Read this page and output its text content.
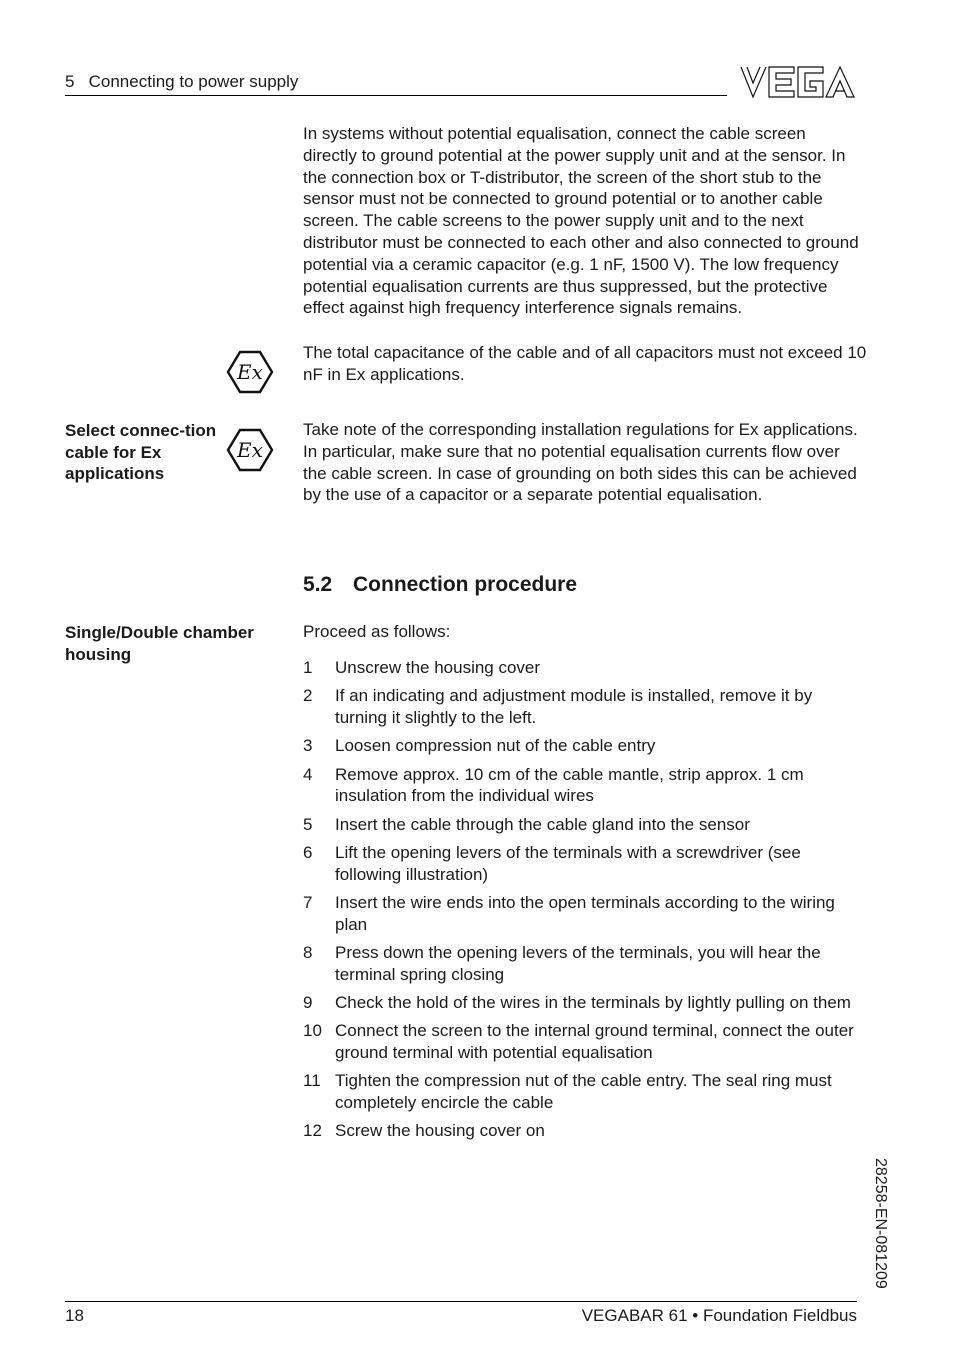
5   Connecting to power supply
In systems without potential equalisation, connect the cable screen directly to ground potential at the power supply unit and at the sensor. In the connection box or T-distributor, the screen of the short stub to the sensor must not be connected to ground potential or to another cable screen. The cable screens to the power supply unit and to the next distributor must be connected to each other and also connected to ground potential via a ceramic capacitor (e.g. 1 nF, 1500 V). The low frequency potential equalisation currents are thus suppressed, but the protective effect against high frequency interference signals remains.
Ex
The total capacitance of the cable and of all capacitors must not exceed 10 nF in Ex applications.
Select connec-tion cable for Ex applications
Ex
Take note of the corresponding installation regulations for Ex applications. In particular, make sure that no potential equalisation currents flow over the cable screen. In case of grounding on both sides this can be achieved by the use of a capacitor or a separate potential equalisation.
5.2 Connection procedure
Single/Double chamber housing
Proceed as follows:
1	Unscrew the housing cover
2	If an indicating and adjustment module is installed, remove it by turning it slightly to the left.
3	Loosen compression nut of the cable entry
4	Remove approx. 10 cm of the cable mantle, strip approx. 1 cm insulation from the individual wires
5	Insert the cable through the cable gland into the sensor
6	Lift the opening levers of the terminals with a screwdriver (see following illustration)
7	Insert the wire ends into the open terminals according to the wiring plan
8	Press down the opening levers of the terminals, you will hear the terminal spring closing
9	Check the hold of the wires in the terminals by lightly pulling on them
10 Connect the screen to the internal ground terminal, connect the outer ground terminal with potential equalisation
11 Tighten the compression nut of the cable entry. The seal ring must completely encircle the cable
12 Screw the housing cover on
28258-EN-081209
18	VEGABAR 61 • Foundation Fieldbus
